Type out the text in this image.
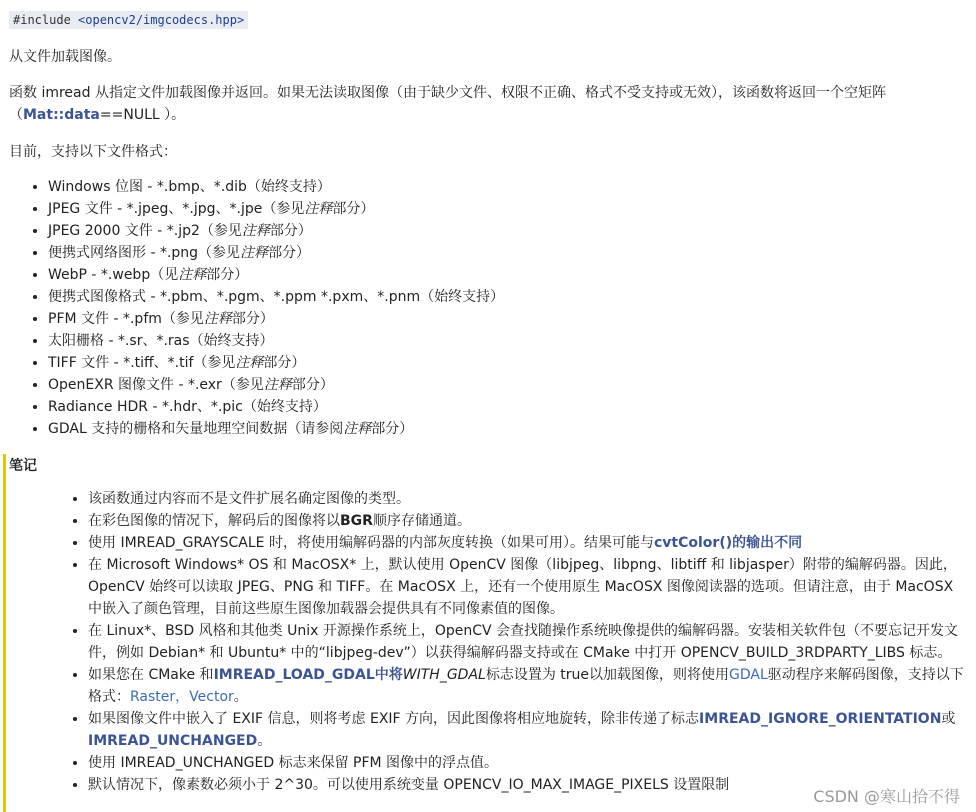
#include <opencv2/imgcodecs.hpp>

从文件加载图像。

函数 imread 从指定文件加载图像并返回。如果无法读取图像（由于缺少文件、权限不正确、格式不受支持或无效），该函数将返回一个空矩阵（Mat::data==NULL ）。

目前，支持以下文件格式：

• Windows 位图 - *.bmp、*.dib（始终支持）
• JPEG 文件 - *.jpeg、*.jpg、*.jpe（参见注释部分）
• JPEG 2000 文件 - *.jp2（参见注释部分）
• 便携式网络图形 - *.png（参见注释部分）
• WebP - *.webp（见注释部分）
• 便携式图像格式 - *.pbm、*.pgm、*.ppm *.pxm、*.pnm（始终支持）
• PFM 文件 - *.pfm（参见注释部分）
• 太阳栅格 - *.sr、*.ras（始终支持）
• TIFF 文件 - *.tiff、*.tif（参见注释部分）
• OpenEXR 图像文件 - *.exr（参见注释部分）
• Radiance HDR - *.hdr、*.pic（始终支持）
• GDAL 支持的栅格和矢量地理空间数据（请参阅注释部分）

笔记

• 该函数通过内容而不是文件扩展名确定图像的类型。
• 在彩色图像的情况下，解码后的图像将以BGR顺序存储通道。
• 使用 IMREAD_GRAYSCALE 时，将使用编解码器的内部灰度转换（如果可用）。结果可能与cvtColor()的输出不同
• 在 Microsoft Windows* OS 和 MacOSX* 上，默认使用 OpenCV 图像（libjpeg、libpng、libtiff 和 libjasper）附带的编解码器。因此，OpenCV 始终可以读取 JPEG、PNG 和 TIFF。在 MacOSX 上，还有一个使用原生 MacOSX 图像阅读器的选项。但请注意，由于 MacOSX 中嵌入了颜色管理，目前这些原生图像加载器会提供具有不同像素值的图像。
• 在 Linux*、BSD 风格和其他类 Unix 开源操作系统上，OpenCV 会查找随操作系统映像提供的编解码器。安装相关软件包（不要忘记开发文件，例如 Debian* 和 Ubuntu* 中的“libjpeg-dev”）以获得编解码器支持或在 CMake 中打开 OPENCV_BUILD_3RDPARTY_LIBS 标志。
• 如果您在 CMake 和IMREAD_LOAD_GDAL中将WITH_GDAL标志设置为 true以加载图像，则将使用GDAL驱动程序来解码图像，支持以下格式：Raster，Vector。
• 如果图像文件中嵌入了 EXIF 信息，则将考虑 EXIF 方向，因此图像将相应地旋转，除非传递了标志IMREAD_IGNORE_ORIENTATION或IMREAD_UNCHANGED。
• 使用 IMREAD_UNCHANGED 标志来保留 PFM 图像中的浮点值。
• 默认情况下，像素数必须小于 2^30。可以使用系统变量 OPENCV_IO_MAX_IMAGE_PIXELS 设置限制
CSDN @寒山拾不得
